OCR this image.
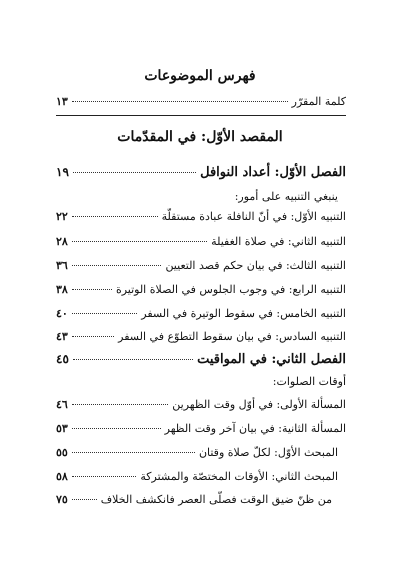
فهرس الموضوعات
كلمة المقرّر
١٣
المقصد الأوّل: في المقدّمات
الفصل الأوّل: أعداد النوافل
١٩
ينبغي التنبيه على أمور:
التنبيه الأوّل: في أنّ النافلة عبادة مستقلّة
٢٢
التنبيه الثاني: في صلاة الغفيلة
٢٨
التنبيه الثالث: في بيان حكم قصد التعيين
٣٦
التنبيه الرابع: في وجوب الجلوس في الصلاة الوتيرة
٣٨
التنبيه الخامس: في سقوط الوتيرة في السفر
٤٠
التنبيه السادس: في بيان سقوط التطوّع في السفر
٤٣
الفصل الثاني: في المواقيت
٤٥
أوقات الصلوات:
المسألة الأولى: في أوّل وقت الظهرين
٤٦
المسألة الثانية: في بيان آخر وقت الظهر
٥٣
المبحث الأوّل: لكلّ صلاة وقتان
٥٥
المبحث الثاني: الأوقات المختصّة والمشتركة
٥٨
من ظنّ ضيق الوقت فصلّى العصر فانكشف الخلاف
٧٥
